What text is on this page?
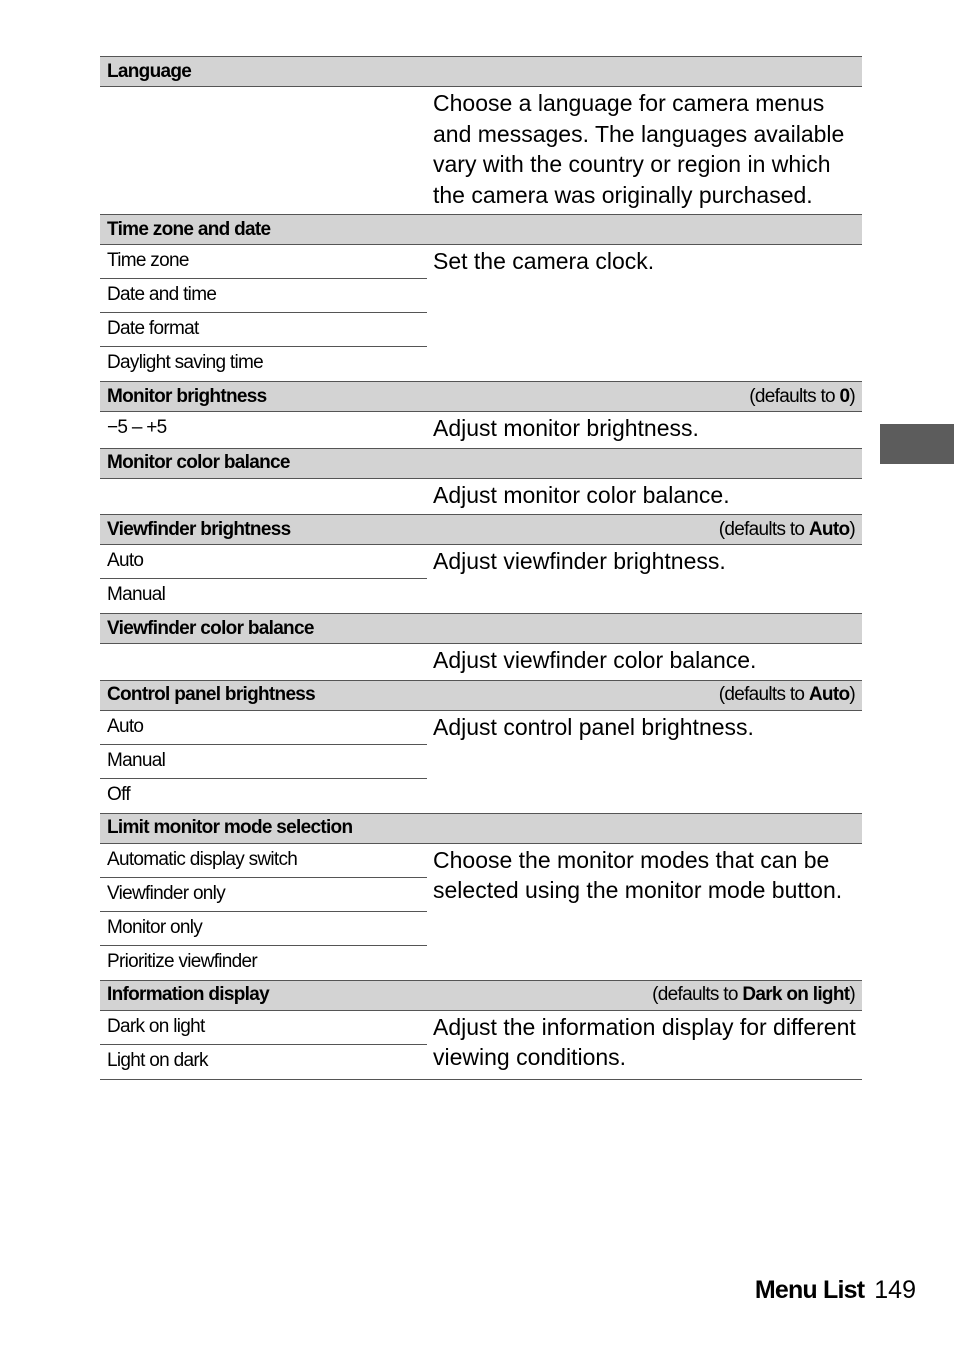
Language
Choose a language for camera menus and messages. The languages available vary with the country or region in which the camera was originally purchased.
Time zone and date
Time zone
Date and time
Date format
Daylight saving time
Set the camera clock.
Monitor brightness	(defaults to 0)
−5 – +5	Adjust monitor brightness.
Monitor color balance
Adjust monitor color balance.
Viewfinder brightness	(defaults to Auto)
Auto
Manual
Adjust viewfinder brightness.
Viewfinder color balance
Adjust viewfinder color balance.
Control panel brightness	(defaults to Auto)
Auto
Manual
Off
Adjust control panel brightness.
Limit monitor mode selection
Automatic display switch
Viewfinder only
Monitor only
Prioritize viewfinder
Choose the monitor modes that can be selected using the monitor mode button.
Information display	(defaults to Dark on light)
Dark on light
Light on dark
Adjust the information display for different viewing conditions.
Menu List 149
